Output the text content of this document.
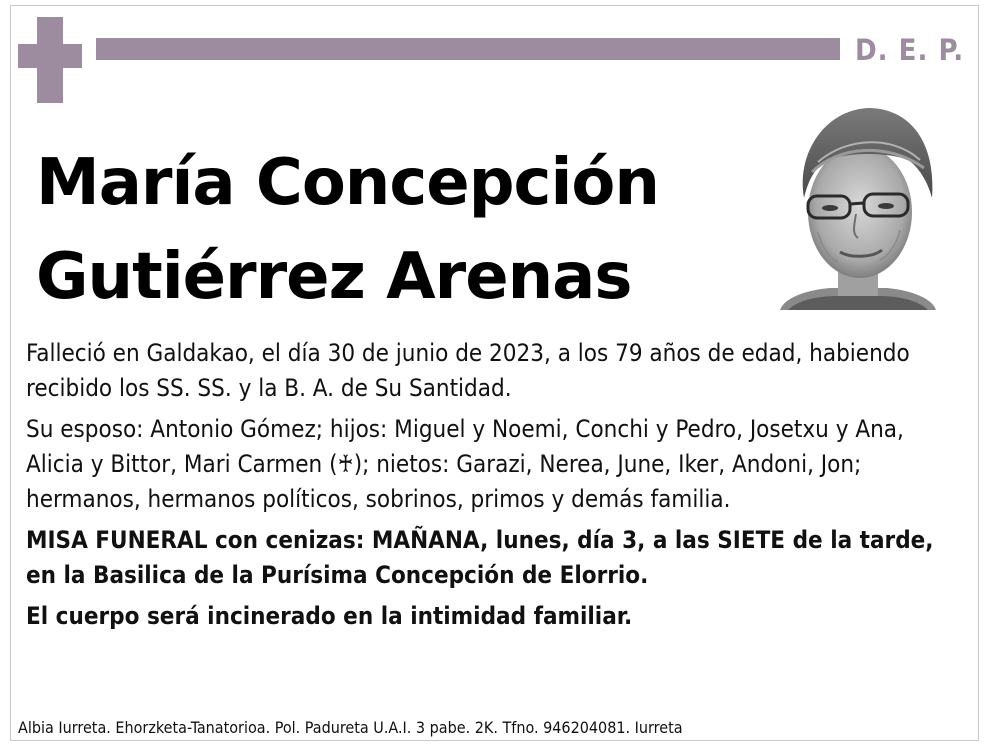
D. E. P.
María Concepción
Gutiérrez Arenas

Falleció en Galdakao, el día 30 de junio de 2023, a los 79 años de edad, habiendo recibido los SS. SS. y la B. A. de Su Santidad.

Su esposo: Antonio Gómez; hijos: Miguel y Noemi, Conchi y Pedro, Josetxu y Ana, Alicia y Bittor, Mari Carmen (♰); nietos: Garazi, Nerea, June, Iker, Andoni, Jon; hermanos, hermanos políticos, sobrinos, primos y demás familia.

MISA FUNERAL con cenizas: MAÑANA, lunes, día 3, a las SIETE de la tarde, en la Basilica de la Purísima Concepción de Elorrio.

El cuerpo será incinerado en la intimidad familiar.

Albia Iurreta. Ehorzketa-Tanatorioa. Pol. Padureta U.A.I. 3 pabe. 2K. Tfno. 946204081. Iurreta
